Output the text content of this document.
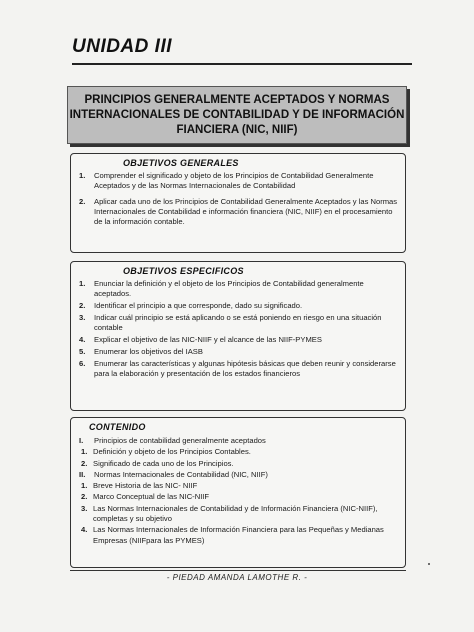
UNIDAD III
PRINCIPIOS GENERALMENTE ACEPTADOS Y NORMAS
INTERNACIONALES DE CONTABILIDAD Y DE INFORMACIÓN
FIANCIERA (NIC, NIIF)
OBJETIVOS GENERALES
1.	Comprender el significado y objeto de los Principios de Contabilidad Generalmente Aceptados y de las Normas Internacionales de Contabilidad
2.	Aplicar cada uno de los Principios de Contabilidad Generalmente Aceptados y las Normas Internacionales de Contabilidad e información financiera (NIC, NIIF) en el procesamiento de la información contable.
OBJETIVOS ESPECIFICOS
1.	Enunciar la definición y el objeto de los Principios de Contabilidad generalmente aceptados.
2.	Identificar el principio a que corresponde, dado su significado.
3.	Indicar cuál principio se está aplicando o se está poniendo en riesgo en una situación contable
4.	Explicar el objetivo de las NIC-NIIF y el alcance de las NIIF-PYMES
5.	Enumerar los objetivos del IASB
6.	Enumerar las características y algunas hipótesis básicas que deben reunir y considerarse para la elaboración y presentación de los estados financieros
CONTENIDO
I.	Principios de contabilidad generalmente aceptados
1. Definición y objeto de los Principios Contables.
2. Significado de cada uno de los Principios.
II.	Normas Internacionales de Contabilidad (NIC, NIIF)
1. Breve Historia de las NIC- NIIF
2. Marco Conceptual de las NIC-NIIF
3. Las Normas Internacionales de Contabilidad y de Información Financiera (NIC-NIIF), completas y su objetivo
4. Las Normas Internacionales de Información Financiera para las Pequeñas y Medianas Empresas (NIIFpara las PYMES)
- PIEDAD AMANDA LAMOTHE R. -
